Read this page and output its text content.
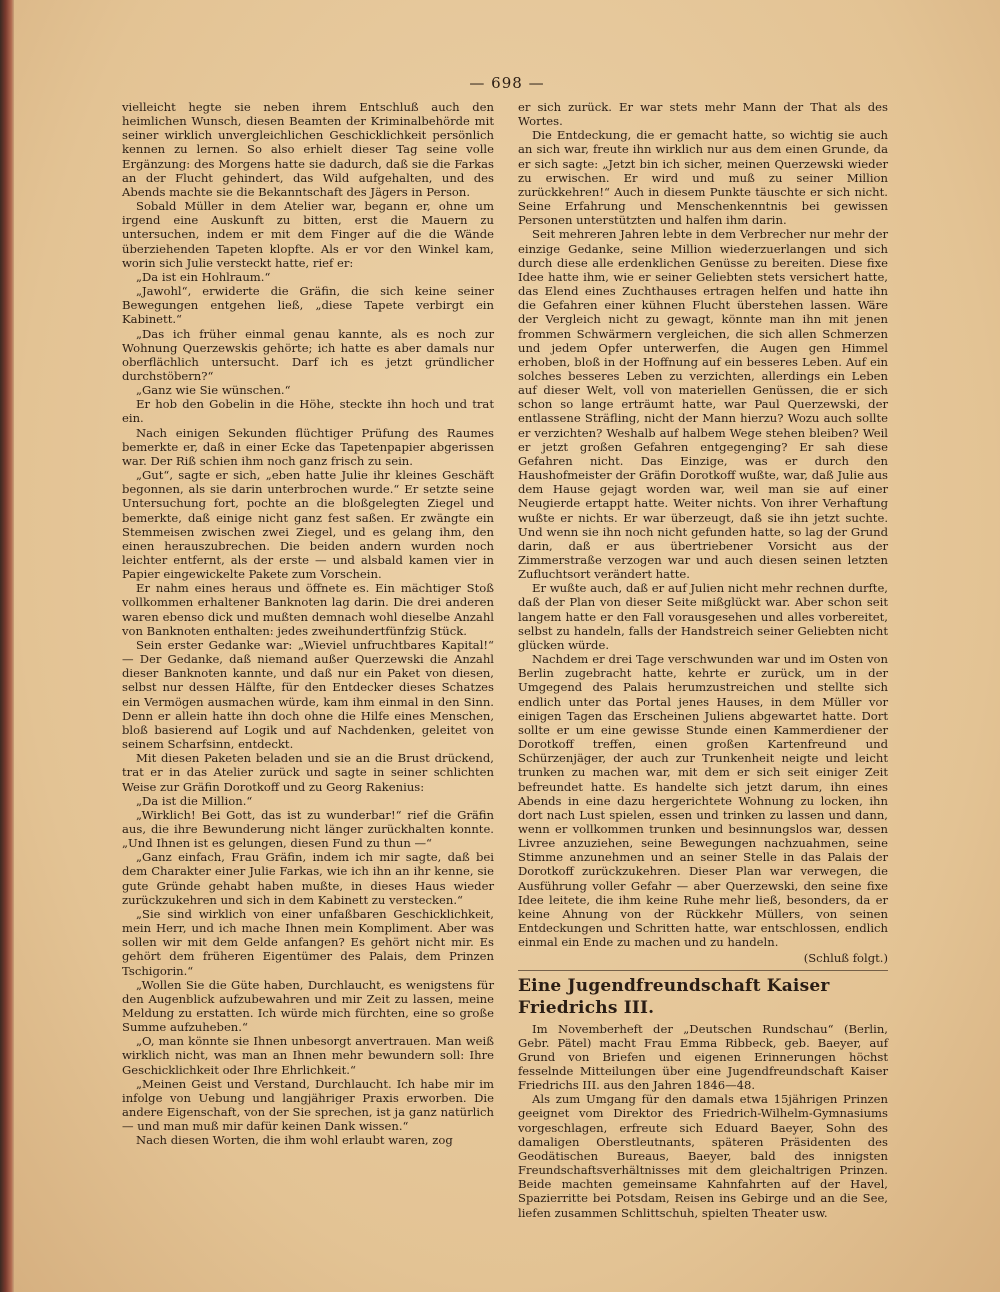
— 698 —

vielleicht hegte sie neben ihrem Entschluß auch den heimlichen Wunsch, diesen Beamten der Kriminalbehörde mit seiner wirklich unvergleichlichen Geschicklichkeit persönlich kennen zu lernen. So also erhielt dieser Tag seine volle Ergänzung: des Morgens hatte sie dadurch, daß sie die Farkas an der Flucht gehindert, das Wild aufgehalten, und des Abends machte sie die Bekanntschaft des Jägers in Person.

Sobald Müller in dem Atelier war, begann er, ohne um irgend eine Auskunft zu bitten, erst die Mauern zu untersuchen, indem er mit dem Finger auf die die Wände überziehenden Tapeten klopfte. Als er vor den Winkel kam, worin sich Julie versteckt hatte, rief er:

„Da ist ein Hohlraum.“

„Jawohl“, erwiderte die Gräfin, die sich keine seiner Bewegungen entgehen ließ, „diese Tapete verbirgt ein Kabinett.“

„Das ich früher einmal genau kannte, als es noch zur Wohnung Querzewskis gehörte; ich hatte es aber damals nur oberflächlich untersucht. Darf ich es jetzt gründlicher durchstöbern?“

„Ganz wie Sie wünschen.“

Er hob den Gobelin in die Höhe, steckte ihn hoch und trat ein.

Nach einigen Sekunden flüchtiger Prüfung des Raumes bemerkte er, daß in einer Ecke das Tapetenpapier abgerissen war. Der Riß schien ihm noch ganz frisch zu sein.

„Gut“, sagte er sich, „eben hatte Julie ihr kleines Geschäft begonnen, als sie darin unterbrochen wurde.“ Er setzte seine Untersuchung fort, pochte an die bloßgelegten Ziegel und bemerkte, daß einige nicht ganz fest saßen. Er zwängte ein Stemmeisen zwischen zwei Ziegel, und es gelang ihm, den einen herauszubrechen. Die beiden andern wurden noch leichter entfernt, als der erste — und alsbald kamen vier in Papier eingewickelte Pakete zum Vorschein.

Er nahm eines heraus und öffnete es. Ein mächtiger Stoß vollkommen erhaltener Banknoten lag darin. Die drei anderen waren ebenso dick und mußten demnach wohl dieselbe Anzahl von Banknoten enthalten: jedes zweihundertfünfzig Stück.

Sein erster Gedanke war: „Wieviel unfruchtbares Kapital!“ — Der Gedanke, daß niemand außer Querzewski die Anzahl dieser Banknoten kannte, und daß nur ein Paket von diesen, selbst nur dessen Hälfte, für den Entdecker dieses Schatzes ein Vermögen ausmachen würde, kam ihm einmal in den Sinn. Denn er allein hatte ihn doch ohne die Hilfe eines Menschen, bloß basierend auf Logik und auf Nachdenken, geleitet von seinem Scharfsinn, entdeckt.

Mit diesen Paketen beladen und sie an die Brust drückend, trat er in das Atelier zurück und sagte in seiner schlichten Weise zur Gräfin Dorotkoff und zu Georg Rakenius:

„Da ist die Million.“

„Wirklich! Bei Gott, das ist zu wunderbar!“ rief die Gräfin aus, die ihre Bewunderung nicht länger zurückhalten konnte. „Und Ihnen ist es gelungen, diesen Fund zu thun —“

„Ganz einfach, Frau Gräfin, indem ich mir sagte, daß bei dem Charakter einer Julie Farkas, wie ich ihn an ihr kenne, sie gute Gründe gehabt haben mußte, in dieses Haus wieder zurückzukehren und sich in dem Kabinett zu verstecken.“

„Sie sind wirklich von einer unfaßbaren Geschicklichkeit, mein Herr, und ich mache Ihnen mein Kompliment. Aber was sollen wir mit dem Gelde anfangen? Es gehört nicht mir. Es gehört dem früheren Eigentümer des Palais, dem Prinzen Tschigorin.“

„Wollen Sie die Güte haben, Durchlaucht, es wenigstens für den Augenblick aufzubewahren und mir Zeit zu lassen, meine Meldung zu erstatten. Ich würde mich fürchten, eine so große Summe aufzuheben.“

„O, man könnte sie Ihnen unbesorgt anvertrauen. Man weiß wirklich nicht, was man an Ihnen mehr bewundern soll: Ihre Geschicklichkeit oder Ihre Ehrlichkeit.“

„Meinen Geist und Verstand, Durchlaucht. Ich habe mir im infolge von Uebung und langjähriger Praxis erworben. Die andere Eigenschaft, von der Sie sprechen, ist ja ganz natürlich — und man muß mir dafür keinen Dank wissen.“

Nach diesen Worten, die ihm wohl erlaubt waren, zog

er sich zurück. Er war stets mehr Mann der That als des Wortes.

Die Entdeckung, die er gemacht hatte, so wichtig sie auch an sich war, freute ihn wirklich nur aus dem einen Grunde, da er sich sagte: „Jetzt bin ich sicher, meinen Querzewski wieder zu erwischen. Er wird und muß zu seiner Million zurückkehren!“ Auch in diesem Punkte täuschte er sich nicht. Seine Erfahrung und Menschenkenntnis bei gewissen Personen unterstützten und halfen ihm darin.

Seit mehreren Jahren lebte in dem Verbrecher nur mehr der einzige Gedanke, seine Million wiederzuerlangen und sich durch diese alle erdenklichen Genüsse zu bereiten. Diese fixe Idee hatte ihm, wie er seiner Geliebten stets versichert hatte, das Elend eines Zuchthauses ertragen helfen und hatte ihn die Gefahren einer kühnen Flucht überstehen lassen. Wäre der Vergleich nicht zu gewagt, könnte man ihn mit jenen frommen Schwärmern vergleichen, die sich allen Schmerzen und jedem Opfer unterwerfen, die Augen gen Himmel erhoben, bloß in der Hoffnung auf ein besseres Leben. Auf ein solches besseres Leben zu verzichten, allerdings ein Leben auf dieser Welt, voll von materiellen Genüssen, die er sich schon so lange erträumt hatte, war Paul Querzewski, der entlassene Sträfling, nicht der Mann hierzu? Wozu auch sollte er verzichten? Weshalb auf halbem Wege stehen bleiben? Weil er jetzt großen Gefahren entgegenging? Er sah diese Gefahren nicht. Das Einzige, was er durch den Haushofmeister der Gräfin Dorotkoff wußte, war, daß Julie aus dem Hause gejagt worden war, weil man sie auf einer Neugierde ertappt hatte. Weiter nichts. Von ihrer Verhaftung wußte er nichts. Er war überzeugt, daß sie ihn jetzt suchte. Und wenn sie ihn noch nicht gefunden hatte, so lag der Grund darin, daß er aus übertriebener Vorsicht aus der Zimmerstraße verzogen war und auch diesen seinen letzten Zufluchtsort verändert hatte.

Er wußte auch, daß er auf Julien nicht mehr rechnen durfte, daß der Plan von dieser Seite mißglückt war. Aber schon seit langem hatte er den Fall vorausgesehen und alles vorbereitet, selbst zu handeln, falls der Handstreich seiner Geliebten nicht glücken würde.

Nachdem er drei Tage verschwunden war und im Osten von Berlin zugebracht hatte, kehrte er zurück, um in der Umgegend des Palais herumzustreichen und stellte sich endlich unter das Portal jenes Hauses, in dem Müller vor einigen Tagen das Erscheinen Juliens abgewartet hatte. Dort sollte er um eine gewisse Stunde einen Kammerdiener der Dorotkoff treffen, einen großen Kartenfreund und Schürzenjäger, der auch zur Trunkenheit neigte und leicht trunken zu machen war, mit dem er sich seit einiger Zeit befreundet hatte. Es handelte sich jetzt darum, ihn eines Abends in eine dazu hergerichtete Wohnung zu locken, ihn dort nach Lust spielen, essen und trinken zu lassen und dann, wenn er vollkommen trunken und besinnungslos war, dessen Livree anzuziehen, seine Bewegungen nachzuahmen, seine Stimme anzunehmen und an seiner Stelle in das Palais der Dorotkoff zurückzukehren. Dieser Plan war verwegen, die Ausführung voller Gefahr — aber Querzewski, den seine fixe Idee leitete, die ihm keine Ruhe mehr ließ, besonders, da er keine Ahnung von der Rückkehr Müllers, von seinen Entdeckungen und Schritten hatte, war entschlossen, endlich einmal ein Ende zu machen und zu handeln.

(Schluß folgt.)
Eine Jugendfreundschaft Kaiser Friedrichs III.

Im Novemberheft der „Deutschen Rundschau“ (Berlin, Gebr. Pätel) macht Frau Emma Ribbeck, geb. Baeyer, auf Grund von Briefen und eigenen Erinnerungen höchst fesselnde Mitteilungen über eine Jugendfreundschaft Kaiser Friedrichs III. aus den Jahren 1846—48.

Als zum Umgang für den damals etwa 15jährigen Prinzen geeignet vom Direktor des Friedrich-Wilhelm-Gymnasiums vorgeschlagen, erfreute sich Eduard Baeyer, Sohn des damaligen Oberstleutnants, späteren Präsidenten des Geodätischen Bureaus, Baeyer, bald des innigsten Freundschaftsverhältnisses mit dem gleichaltrigen Prinzen. Beide machten gemeinsame Kahnfahrten auf der Havel, Spazierritte bei Potsdam, Reisen ins Gebirge und an die See, liefen zusammen Schlittschuh, spielten Theater usw.
